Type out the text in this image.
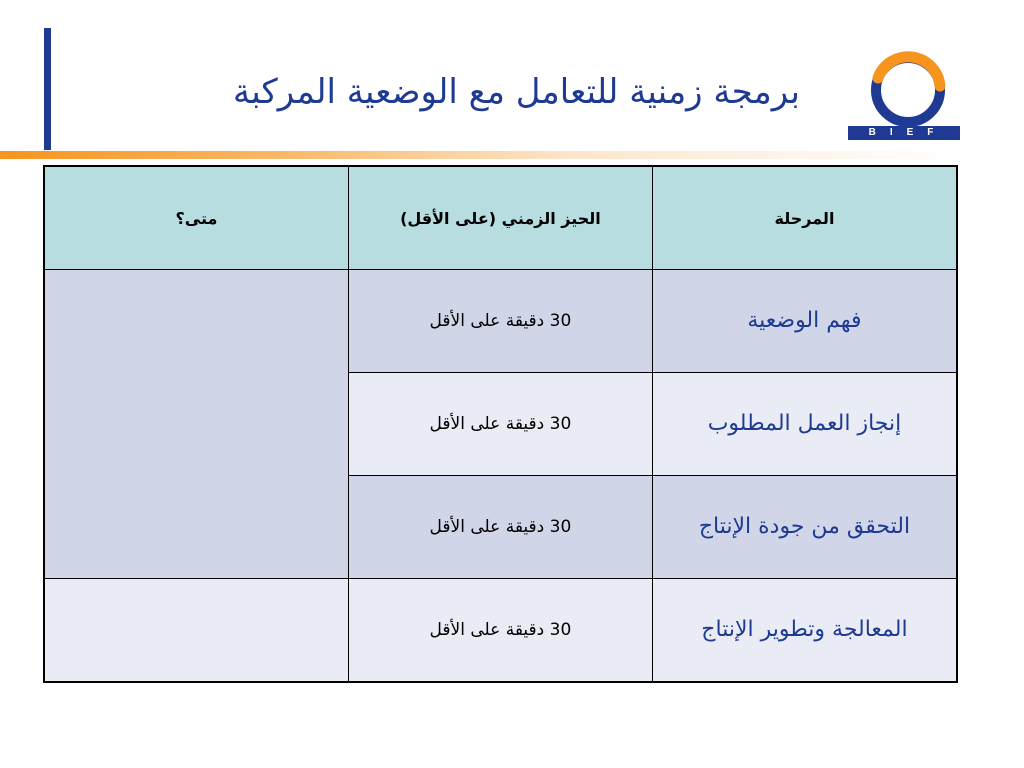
برمجة زمنية للتعامل مع الوضعية المركبة
BIEF
المرحلة	الحيز الزمني (على الأقل)	متى؟
فهم الوضعية	30 دقيقة على الأقل	
إنجاز العمل المطلوب	30 دقيقة على الأقل	
التحقق من جودة الإنتاج	30 دقيقة على الأقل	
المعالجة وتطوير الإنتاج	30 دقيقة على الأقل	
